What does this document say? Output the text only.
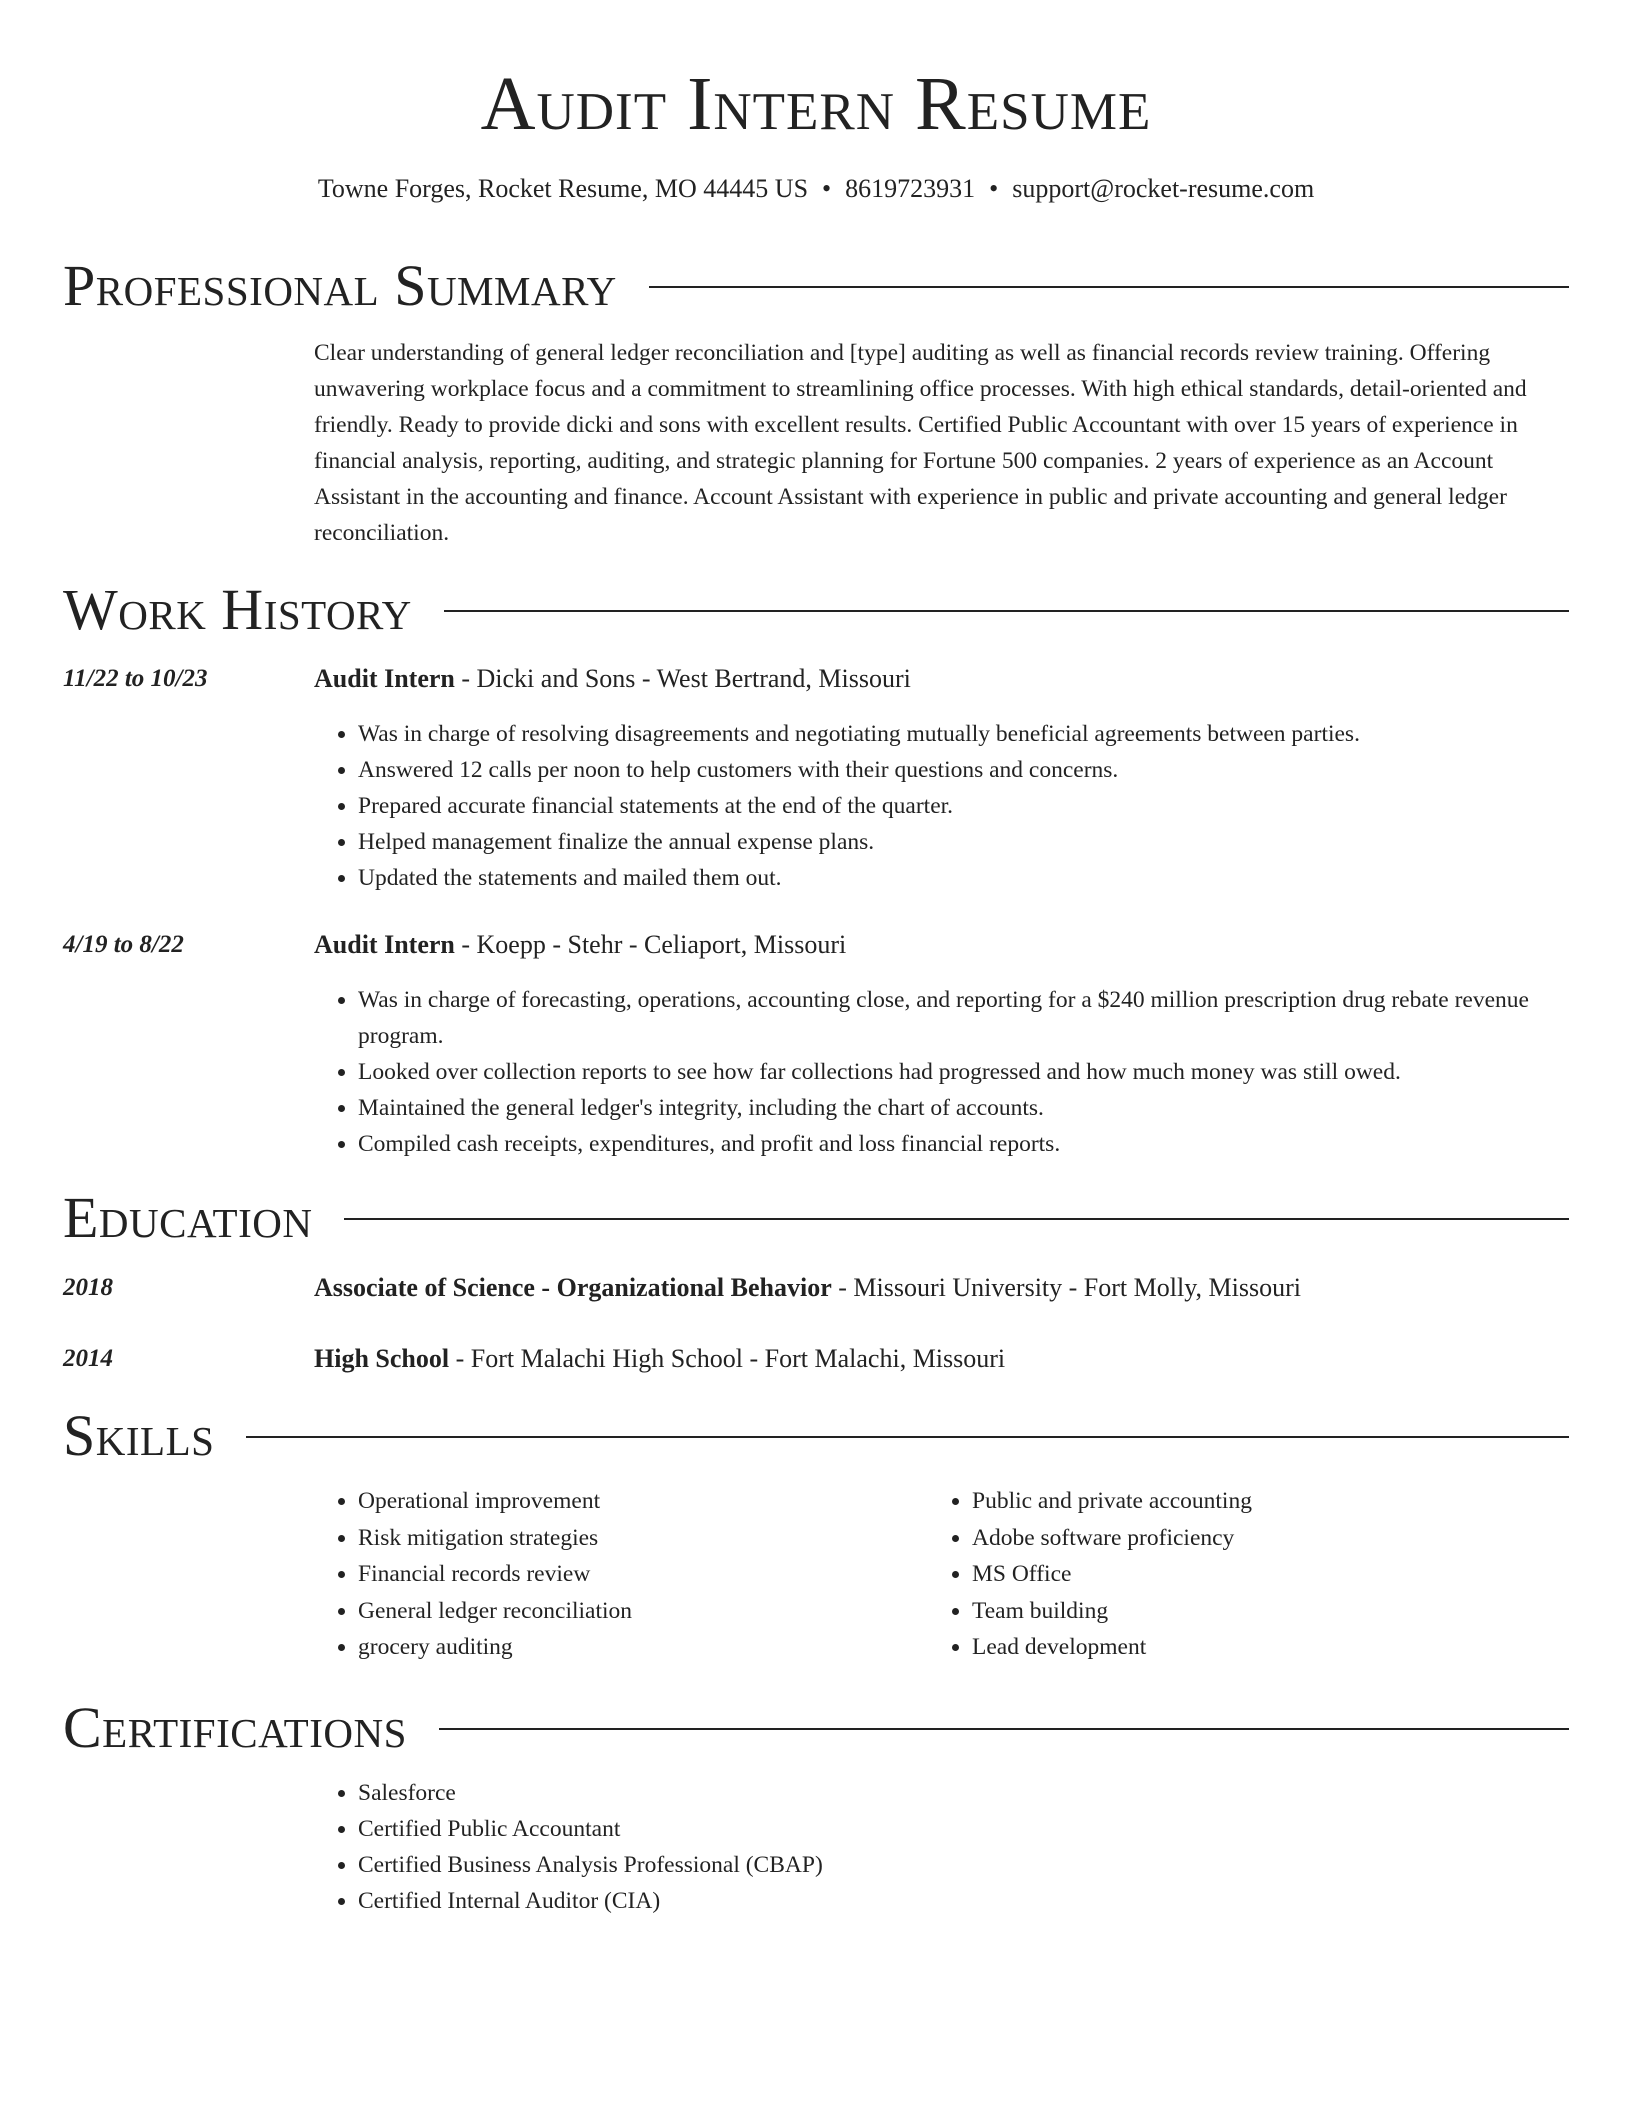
Audit Intern Resume
Towne Forges, Rocket Resume, MO 44445 US • 8619723931 • support@rocket-resume.com
Professional Summary
Clear understanding of general ledger reconciliation and [type] auditing as well as financial records review training. Offering unwavering workplace focus and a commitment to streamlining office processes. With high ethical standards, detail-oriented and friendly. Ready to provide dicki and sons with excellent results. Certified Public Accountant with over 15 years of experience in financial analysis, reporting, auditing, and strategic planning for Fortune 500 companies. 2 years of experience as an Account Assistant in the accounting and finance. Account Assistant with experience in public and private accounting and general ledger reconciliation.
Work History
11/22 to 10/23	Audit Intern - Dicki and Sons - West Bertrand, Missouri
• Was in charge of resolving disagreements and negotiating mutually beneficial agreements between parties.
• Answered 12 calls per noon to help customers with their questions and concerns.
• Prepared accurate financial statements at the end of the quarter.
• Helped management finalize the annual expense plans.
• Updated the statements and mailed them out.
4/19 to 8/22	Audit Intern - Koepp - Stehr - Celiaport, Missouri
• Was in charge of forecasting, operations, accounting close, and reporting for a $240 million prescription drug rebate revenue program.
• Looked over collection reports to see how far collections had progressed and how much money was still owed.
• Maintained the general ledger's integrity, including the chart of accounts.
• Compiled cash receipts, expenditures, and profit and loss financial reports.
Education
2018	Associate of Science - Organizational Behavior - Missouri University - Fort Molly, Missouri
2014	High School - Fort Malachi High School - Fort Malachi, Missouri
Skills
• Operational improvement
• Risk mitigation strategies
• Financial records review
• General ledger reconciliation
• grocery auditing
• Public and private accounting
• Adobe software proficiency
• MS Office
• Team building
• Lead development
Certifications
• Salesforce
• Certified Public Accountant
• Certified Business Analysis Professional (CBAP)
• Certified Internal Auditor (CIA)
